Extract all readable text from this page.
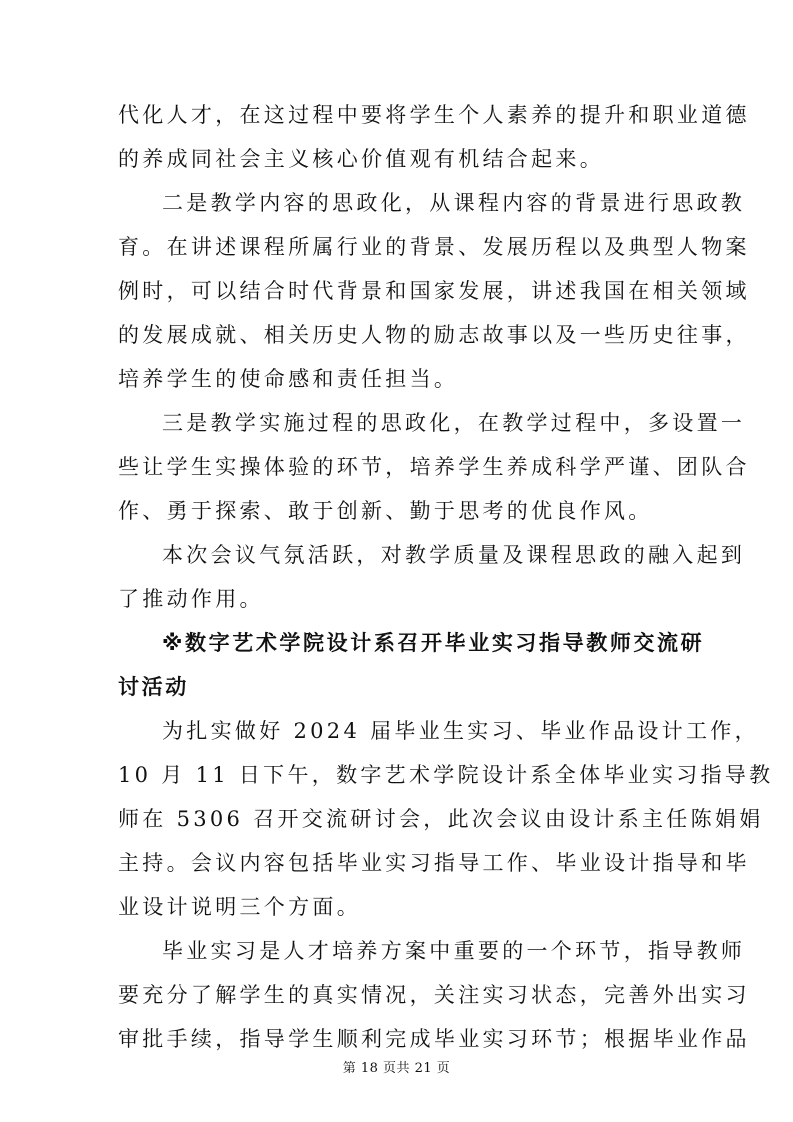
代化人才，在这过程中要将学生个人素养的提升和职业道德
的养成同社会主义核心价值观有机结合起来。
二是教学内容的思政化，从课程内容的背景进行思政教
育。在讲述课程所属行业的背景、发展历程以及典型人物案
例时，可以结合时代背景和国家发展，讲述我国在相关领域
的发展成就、相关历史人物的励志故事以及一些历史往事，
培养学生的使命感和责任担当。
三是教学实施过程的思政化，在教学过程中，多设置一
些让学生实操体验的环节，培养学生养成科学严谨、团队合
作、勇于探索、敢于创新、勤于思考的优良作风。
本次会议气氛活跃，对教学质量及课程思政的融入起到
了推动作用。
※数字艺术学院设计系召开毕业实习指导教师交流研
讨活动
为扎实做好 2024 届毕业生实习、毕业作品设计工作，
10 月 11 日下午，数字艺术学院设计系全体毕业实习指导教
师在 5306 召开交流研讨会，此次会议由设计系主任陈娟娟
主持。会议内容包括毕业实习指导工作、毕业设计指导和毕
业设计说明三个方面。
毕业实习是人才培养方案中重要的一个环节，指导教师
要充分了解学生的真实情况，关注实习状态，完善外出实习
审批手续，指导学生顺利完成毕业实习环节；根据毕业作品
第 18 页共 21 页
